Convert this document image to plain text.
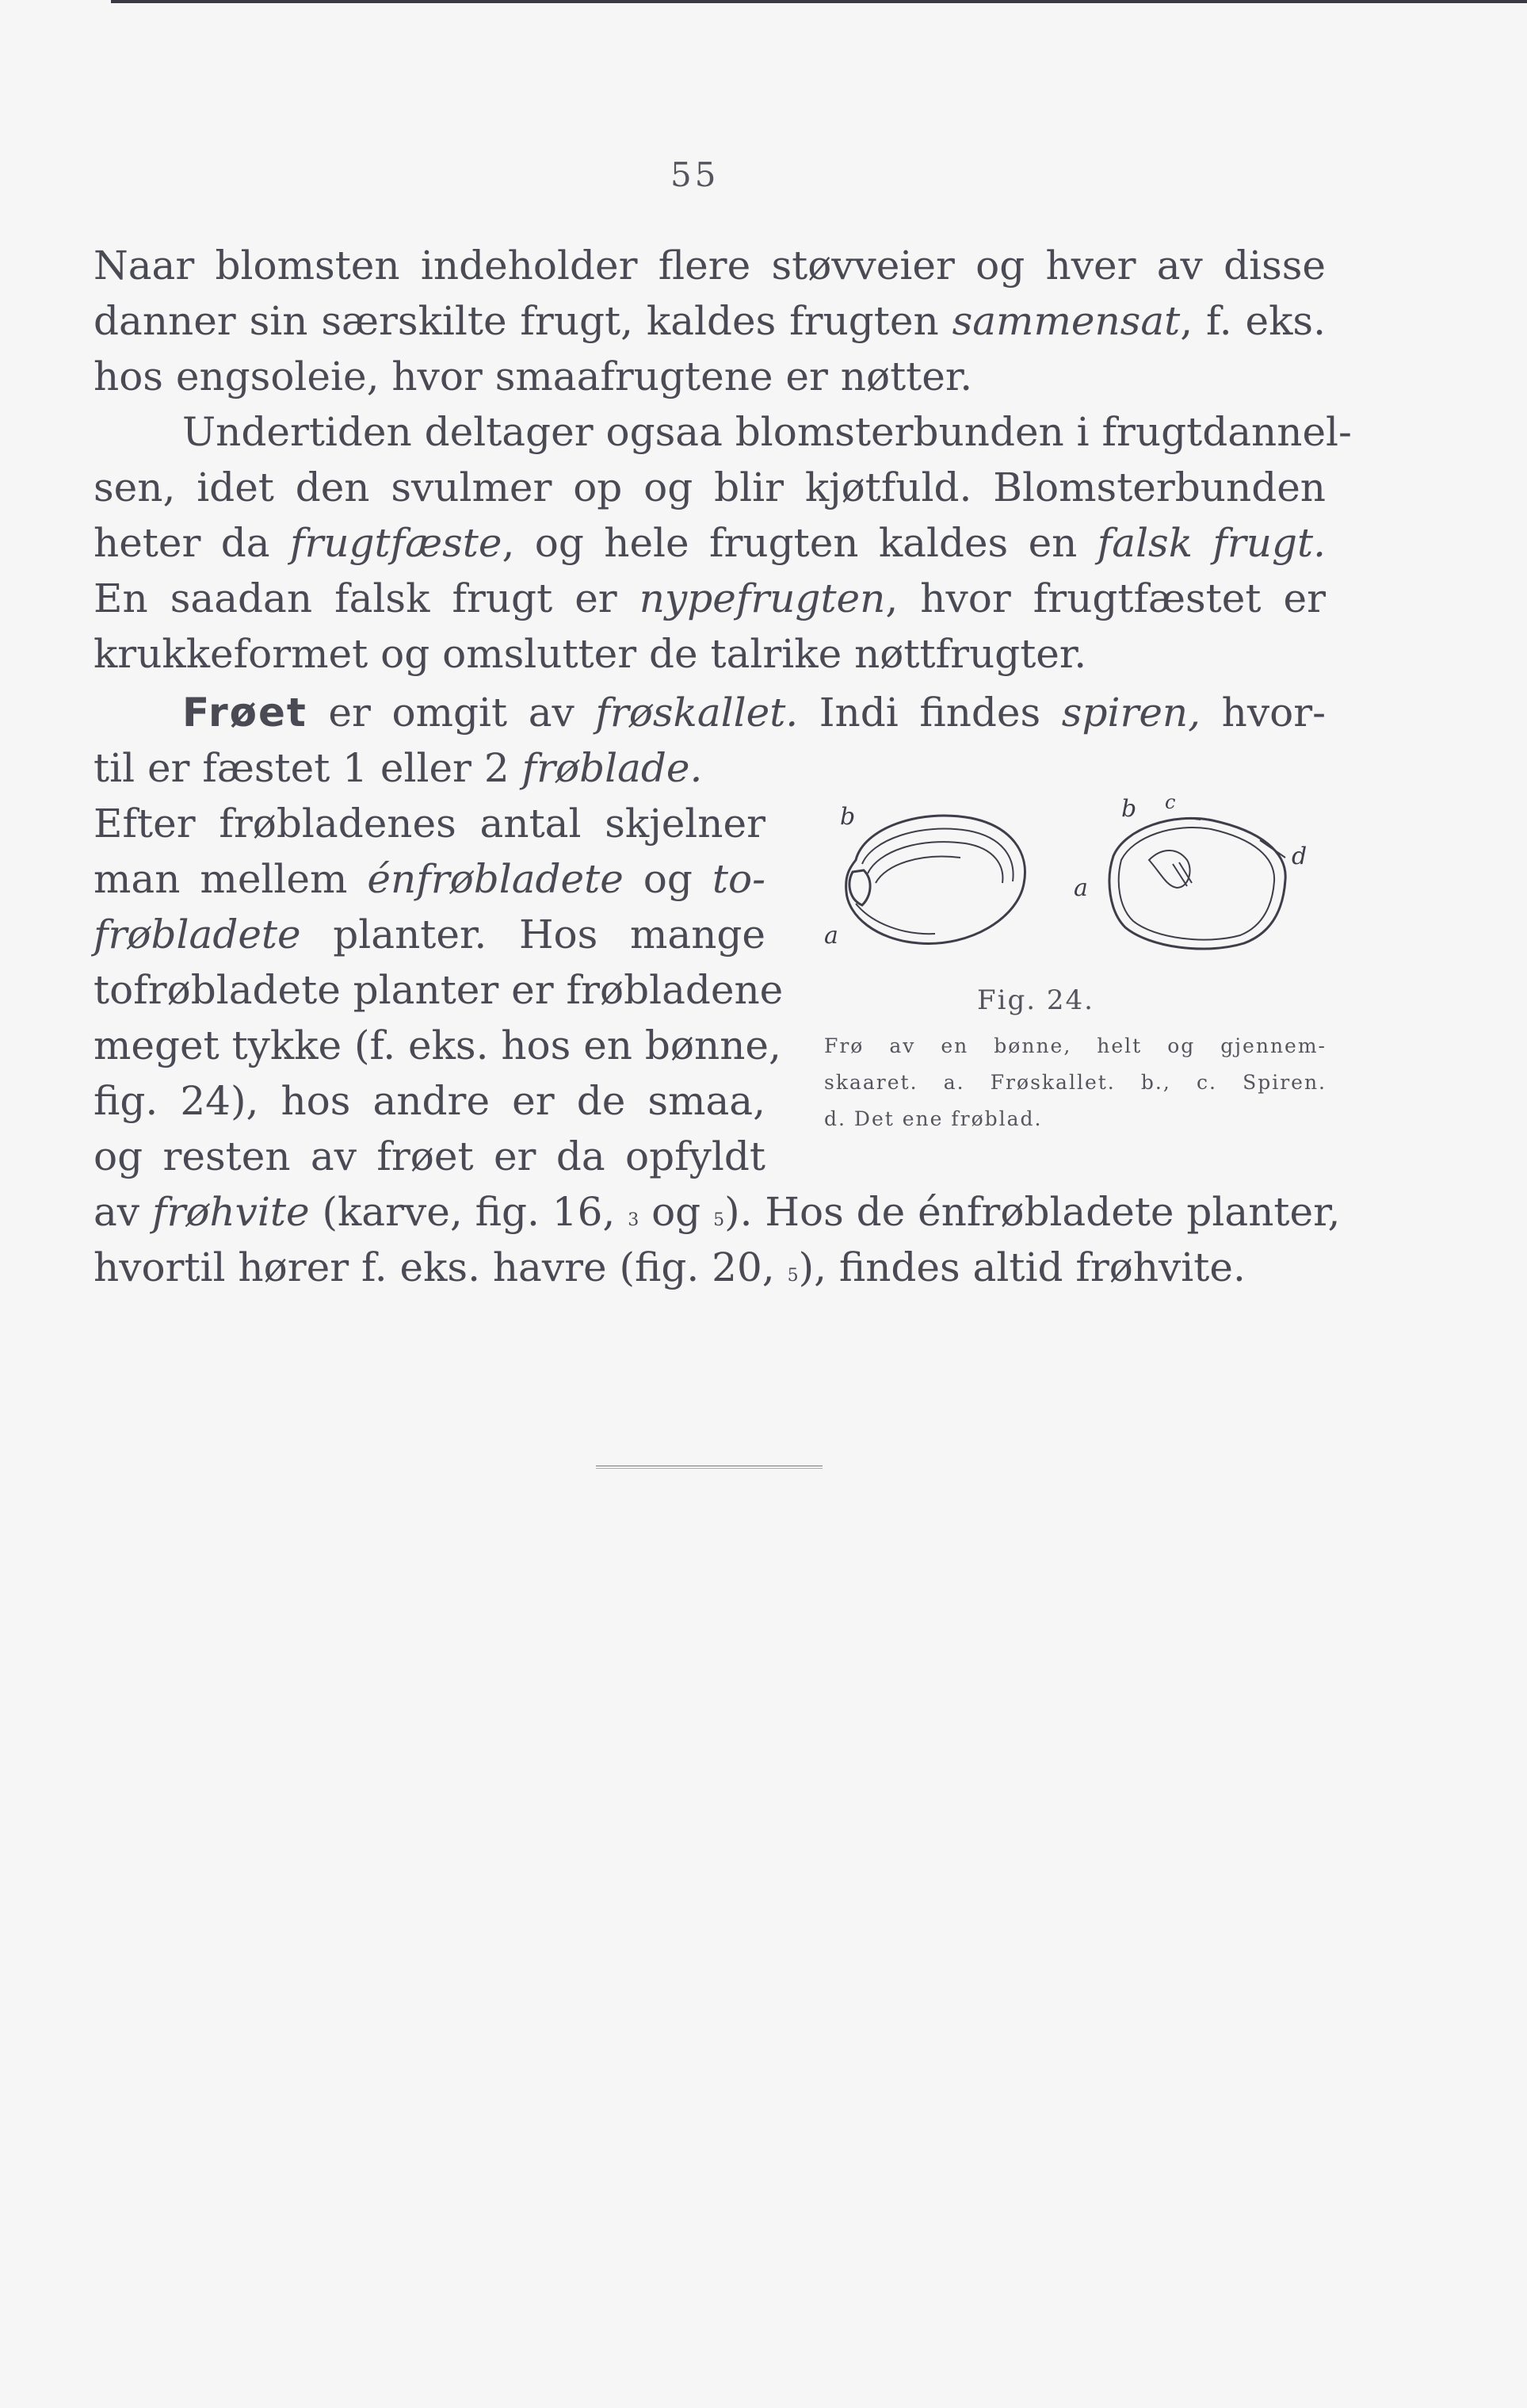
55
Naar blomsten indeholder flere støvveier og hver av disse
danner sin særskilte frugt, kaldes frugten sammensat, f. eks.
hos engsoleie, hvor smaafrugtene er nøtter.
Undertiden deltager ogsaa blomsterbunden i frugtdannel-
sen, idet den svulmer op og blir kjøtfuld. Blomsterbunden
heter da frugtfæste, og hele frugten kaldes en falsk frugt.
En saadan falsk frugt er nypefrugten, hvor frugtfæstet er
krukkeformet og omslutter de talrike nøttfrugter.
Frøet er omgit av frøskallet. Indi findes spiren, hvor-
til er fæstet 1 eller 2 frøblade.
Efter frøbladenes antal skjelner
man mellem énfrøbladete og to-
frøbladete planter. Hos mange
tofrøbladete planter er frøbladene
meget tykke (f. eks. hos en bønne,
fig. 24), hos andre er de smaa,
og resten av frøet er da opfyldt
av frøhvite (karve, fig. 16, 3 og 5). Hos de énfrøbladete planter,
hvortil hører f. eks. havre (fig. 20, 5), findes altid frøhvite.
a
b
a
b c
d
Fig. 24.
Frø av en bønne, helt og gjennem-
skaaret. a. Frøskallet. b., c. Spiren.
d. Det ene frøblad.
